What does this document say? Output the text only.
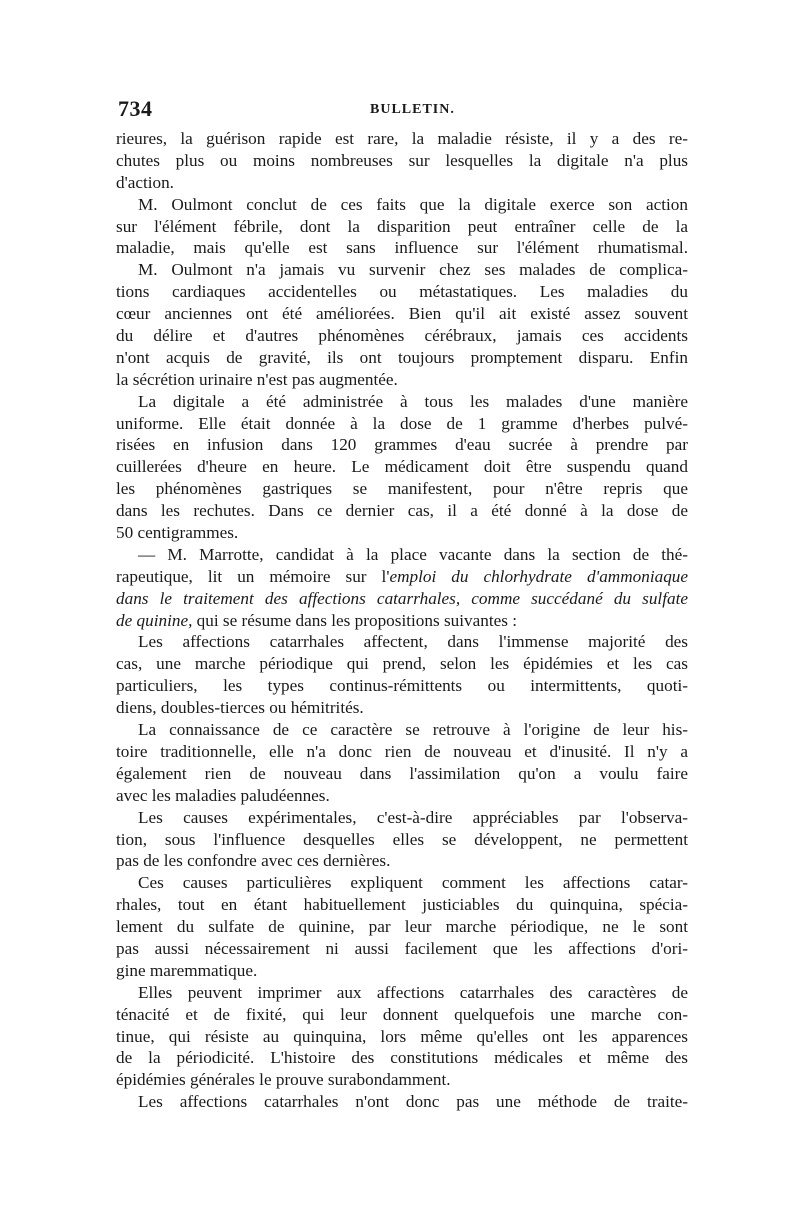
734	BULLETIN.
rieures, la guérison rapide est rare, la maladie résiste, il y a des re-
chutes plus ou moins nombreuses sur lesquelles la digitale n'a plus
d'action.
M. Oulmont conclut de ces faits que la digitale exerce son action
sur l'élément fébrile, dont la disparition peut entraîner celle de la
maladie, mais qu'elle est sans influence sur l'élément rhumatismal.
M. Oulmont n'a jamais vu survenir chez ses malades de complica-
tions cardiaques accidentelles ou métastatiques. Les maladies du
cœur anciennes ont été améliorées. Bien qu'il ait existé assez souvent
du délire et d'autres phénomènes cérébraux, jamais ces accidents
n'ont acquis de gravité, ils ont toujours promptement disparu. Enfin
la sécrétion urinaire n'est pas augmentée.
La digitale a été administrée à tous les malades d'une manière
uniforme. Elle était donnée à la dose de 1 gramme d'herbes pulvé-
risées en infusion dans 120 grammes d'eau sucrée à prendre par
cuillerées d'heure en heure. Le médicament doit être suspendu quand
les phénomènes gastriques se manifestent, pour n'être repris que
dans les rechutes. Dans ce dernier cas, il a été donné à la dose de
50 centigrammes.
— M. Marrotte, candidat à la place vacante dans la section de thé-
rapeutique, lit un mémoire sur l'emploi du chlorhydrate d'ammoniaque
dans le traitement des affections catarrhales, comme succédané du sulfate
de quinine, qui se résume dans les propositions suivantes :
Les affections catarrhales affectent, dans l'immense majorité des
cas, une marche périodique qui prend, selon les épidémies et les cas
particuliers, les types continus-rémittents ou intermittents, quoti-
diens, doubles-tierces ou hémitrités.
La connaissance de ce caractère se retrouve à l'origine de leur his-
toire traditionnelle, elle n'a donc rien de nouveau et d'inusité. Il n'y a
également rien de nouveau dans l'assimilation qu'on a voulu faire
avec les maladies paludéennes.
Les causes expérimentales, c'est-à-dire appréciables par l'observa-
tion, sous l'influence desquelles elles se développent, ne permettent
pas de les confondre avec ces dernières.
Ces causes particulières expliquent comment les affections catar-
rhales, tout en étant habituellement justiciables du quinquina, spécia-
lement du sulfate de quinine, par leur marche périodique, ne le sont
pas aussi nécessairement ni aussi facilement que les affections d'ori-
gine maremmatique.
Elles peuvent imprimer aux affections catarrhales des caractères de
ténacité et de fixité, qui leur donnent quelquefois une marche con-
tinue, qui résiste au quinquina, lors même qu'elles ont les apparences
de la périodicité. L'histoire des constitutions médicales et même des
épidémies générales le prouve surabondamment.
Les affections catarrhales n'ont donc pas une méthode de traite-
